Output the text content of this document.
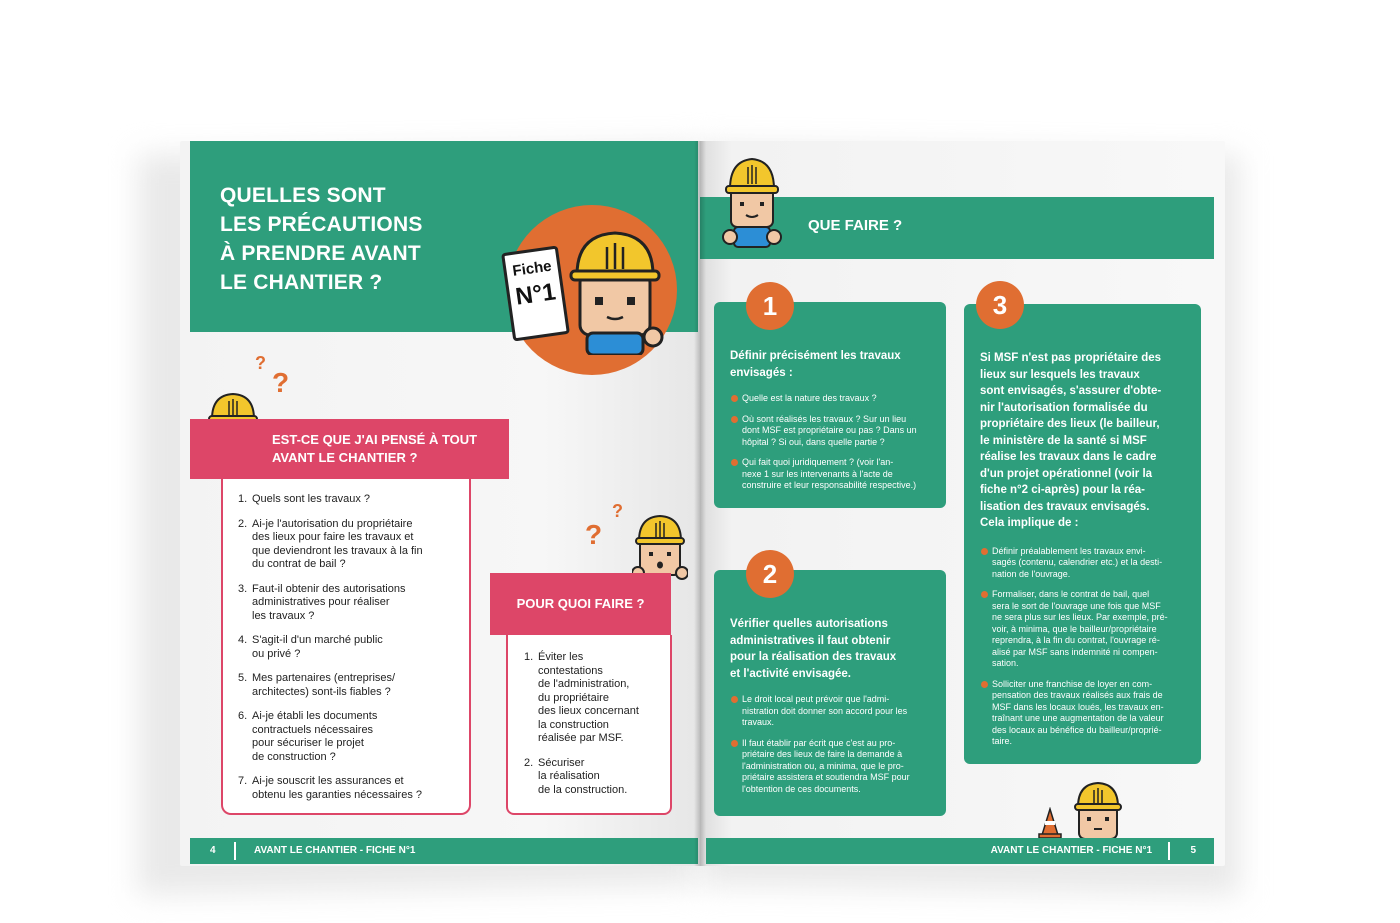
QUELLES SONT
LES PRÉCAUTIONS
À PRENDRE AVANT
LE CHANTIER ?
Fiche
N°1
?
?
EST-CE QUE J'AI PENSÉ À TOUT
AVANT LE CHANTIER ?
1. Quels sont les travaux ?
2. Ai-je l'autorisation du propriétaire
des lieux pour faire les travaux et
que deviendront les travaux à la fin
du contrat de bail ?
3. Faut-il obtenir des autorisations
administratives pour réaliser
les travaux ?
4. S'agit-il d'un marché public
ou privé ?
5. Mes partenaires (entreprises/
architectes) sont-ils fiables ?
6. Ai-je établi les documents
contractuels nécessaires
pour sécuriser le projet
de construction ?
7. Ai-je souscrit les assurances et
obtenu les garanties nécessaires ?
?
?
POUR QUOI FAIRE ?
1. Éviter les
contestations
de l'administration,
du propriétaire
des lieux concernant
la construction
réalisée par MSF.
2. Sécuriser
la réalisation
de la construction.
4	AVANT LE CHANTIER - FICHE N°1
QUE FAIRE ?
Définir précisément les travaux
envisagés :
Quelle est la nature des travaux ?
Où sont réalisés les travaux ? Sur un lieu
dont MSF est propriétaire ou pas ? Dans un
hôpital ? Si oui, dans quelle partie ?
Qui fait quoi juridiquement ? (voir l'an-
nexe 1 sur les intervenants à l'acte de
construire et leur responsabilité respective.)
1
Vérifier quelles autorisations
administratives il faut obtenir
pour la réalisation des travaux
et l'activité envisagée.
Le droit local peut prévoir que l'admi-
nistration doit donner son accord pour les
travaux.
Il faut établir par écrit que c'est au pro-
priétaire des lieux de faire la demande à
l'administration ou, a minima, que le pro-
priétaire assistera et soutiendra MSF pour
l'obtention de ces documents.
2
Si MSF n'est pas propriétaire des
lieux sur lesquels les travaux
sont envisagés, s'assurer d'obte-
nir l'autorisation formalisée du
propriétaire des lieux (le bailleur,
le ministère de la santé si MSF
réalise les travaux dans le cadre
d'un projet opérationnel (voir la
fiche n°2 ci-après) pour la réa-
lisation des travaux envisagés.
Cela implique de :
Définir préalablement les travaux envi-
sagés (contenu, calendrier etc.) et la desti-
nation de l'ouvrage.
Formaliser, dans le contrat de bail, quel
sera le sort de l'ouvrage une fois que MSF
ne sera plus sur les lieux. Par exemple, pré-
voir, à minima, que le bailleur/propriétaire
reprendra, à la fin du contrat, l'ouvrage ré-
alisé par MSF sans indemnité ni compen-
sation.
Solliciter une franchise de loyer en com-
pensation des travaux réalisés aux frais de
MSF dans les locaux loués, les travaux en-
traînant une une augmentation de la valeur
des locaux au bénéfice du bailleur/proprié-
taire.
3
AVANT LE CHANTIER - FICHE N°1	5
